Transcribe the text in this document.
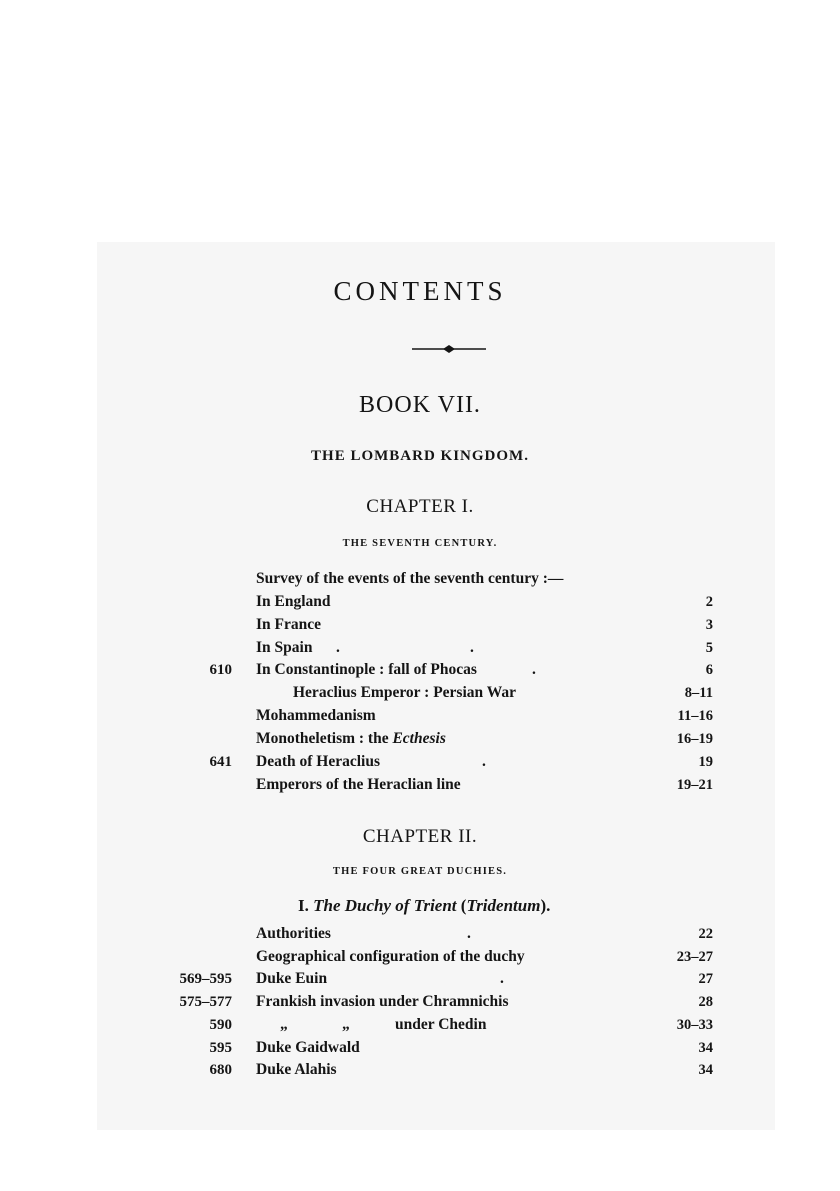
CONTENTS
BOOK VII.
THE LOMBARD KINGDOM.
CHAPTER I.
THE SEVENTH CENTURY.
Survey of the events of the seventh century :—
In England	2
In France	3
In Spain .	.	5
610 In Constantinople : fall of Phocas	.	6
Heraclius Emperor : Persian War	8–11
Mohammedanism	11–16
Monotheletism : the Ecthesis	16–19
641 Death of Heraclius	.	19
Emperors of the Heraclian line	19–21
CHAPTER II.
THE FOUR GREAT DUCHIES.
I. The Duchy of Trient (Tridentum).
Authorities	.	22
Geographical configuration of the duchy	23–27
569–595 Duke Euin	.	27
575–577 Frankish invasion under Chramnichis	28
590	„	„	under Chedin	30–33
595 Duke Gaidwald	34
680 Duke Alahis	34
